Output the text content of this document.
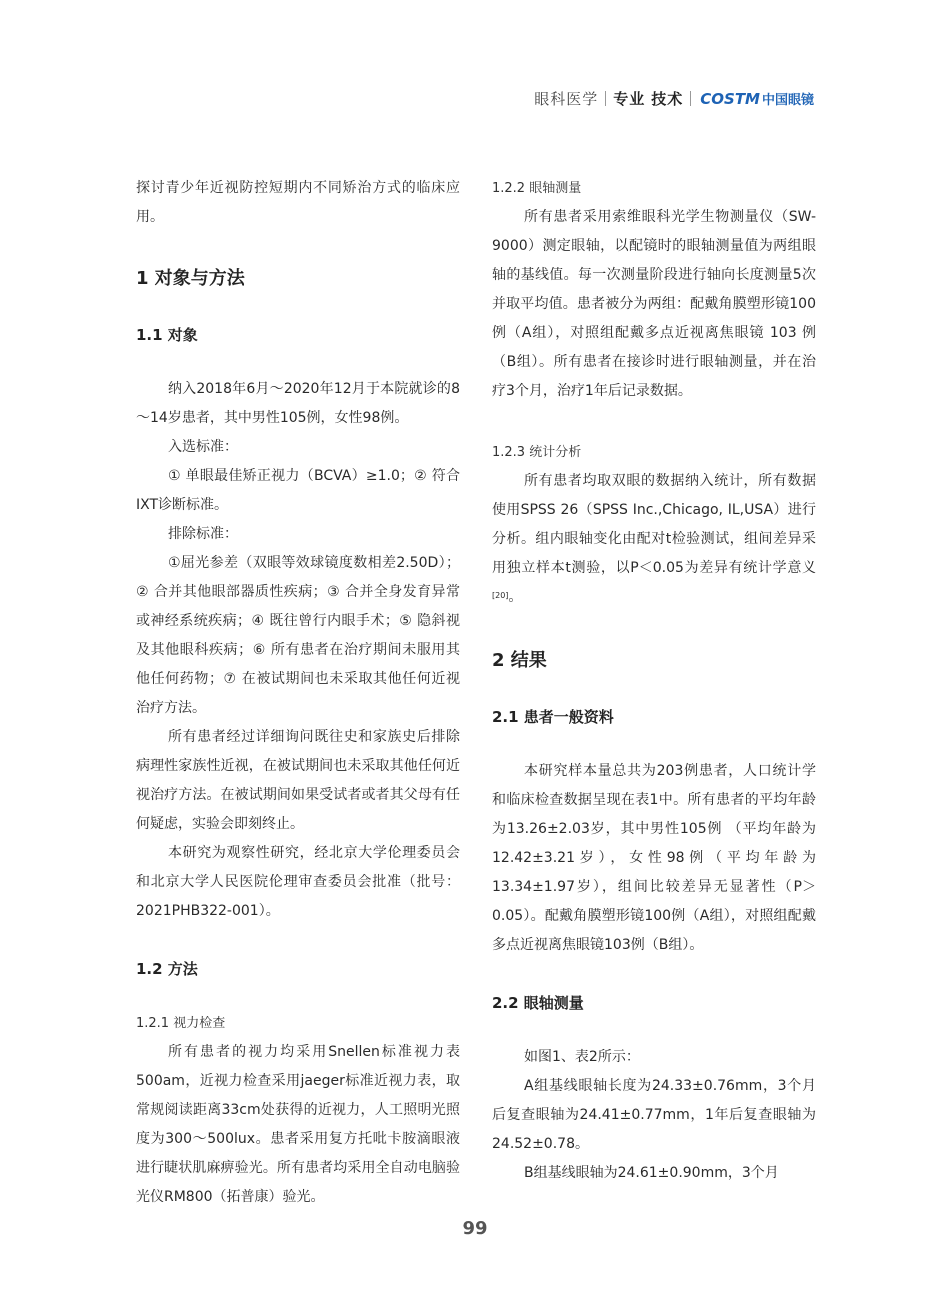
眼科医学 专业 技术 COSTM 中国眼镜

探讨青少年近视防控短期内不同矫治方式的临床应用。

1 对象与方法
1.1 对象

纳入2018年6月～2020年12月于本院就诊的8～14岁患者，其中男性105例，女性98例。

入选标准：

① 单眼最佳矫正视力（BCVA）≥1.0；② 符合IXT诊断标准。

排除标准：

①屈光参差（双眼等效球镜度数相差2.50D）；② 合并其他眼部器质性疾病；③ 合并全身发育异常或神经系统疾病；④ 既往曾行内眼手术；⑤ 隐斜视及其他眼科疾病；⑥ 所有患者在治疗期间未服用其他任何药物；⑦ 在被试期间也未采取其他任何近视治疗方法。

所有患者经过详细询问既往史和家族史后排除病理性家族性近视，在被试期间也未采取其他任何近视治疗方法。在被试期间如果受试者或者其父母有任何疑虑，实验会即刻终止。

本研究为观察性研究，经北京大学伦理委员会和北京大学人民医院伦理审查委员会批准（批号：2021PHB322-001）。

1.2 方法
1.2.1 视力检查

所有患者的视力均采用Snellen标准视力表500am，近视力检查采用jaeger标准近视力表，取常规阅读距离33cm处获得的近视力，人工照明光照度为300～500lux。患者采用复方托吡卡胺滴眼液进行睫状肌麻痹验光。所有患者均采用全自动电脑验光仪RM800（拓普康）验光。

1.2.2 眼轴测量

所有患者采用索维眼科光学生物测量仪（SW-9000）测定眼轴，以配镜时的眼轴测量值为两组眼轴的基线值。每一次测量阶段进行轴向长度测量5次并取平均值。患者被分为两组：配戴角膜塑形镜100例（A组），对照组配戴多点近视离焦眼镜 103 例（B组）。所有患者在接诊时进行眼轴测量，并在治疗3个月，治疗1年后记录数据。

1.2.3 统计分析

所有患者均取双眼的数据纳入统计，所有数据使用SPSS 26（SPSS Inc.,Chicago, IL,USA）进行分析。组内眼轴变化由配对t检验测试，组间差异采用独立样本t测验，以P＜0.05为差异有统计学意义[20]。

2 结果
2.1 患者一般资料

本研究样本量总共为203例患者，人口统计学和临床检查数据呈现在表1中。所有患者的平均年龄为13.26±2.03岁，其中男性105例 （平均年龄为12.42±3.21岁），女性98例（平均年龄为13.34±1.97岁），组间比较差异无显著性（P＞0.05）。配戴角膜塑形镜100例（A组），对照组配戴多点近视离焦眼镜103例（B组）。

2.2 眼轴测量

如图1、表2所示：

A组基线眼轴长度为24.33±0.76mm，3个月后复查眼轴为24.41±0.77mm，1年后复查眼轴为24.52±0.78。

B组基线眼轴为24.61±0.90mm，3个月

99
